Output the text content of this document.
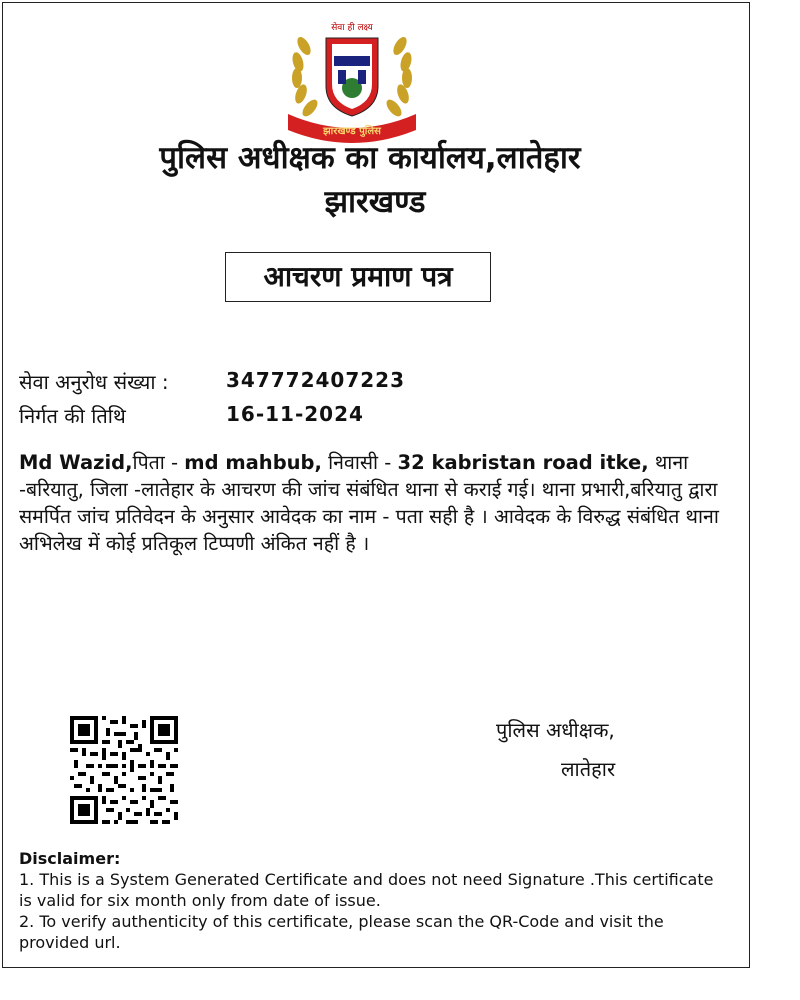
सेवा ही लक्ष्य
झारखण्ड पुलिस
पुलिस अधीक्षक का कार्यालय,लातेहार
झारखण्ड
आचरण प्रमाण पत्र
सेवा अनुरोध संख्या :	347772407223
निर्गत की तिथि	16-11-2024
Md Wazid,पिता - md mahbub, निवासी - 32 kabristan road itke, थाना -बरियातु, जिला -लातेहार के आचरण की जांच संबंधित थाना से कराई गई। थाना प्रभारी,बरियातु द्वारा समर्पित जांच प्रतिवेदन के अनुसार आवेदक का नाम - पता सही है । आवेदक के विरुद्ध संबंधित थाना अभिलेख में कोई प्रतिकूल टिप्पणी अंकित नहीं है ।
पुलिस अधीक्षक,
लातेहार
Disclaimer:
1. This is a System Generated Certificate and does not need Signature .This certificate is valid for six month only from date of issue.
2. To verify authenticity of this certificate, please scan the QR-Code and visit the provided url.
